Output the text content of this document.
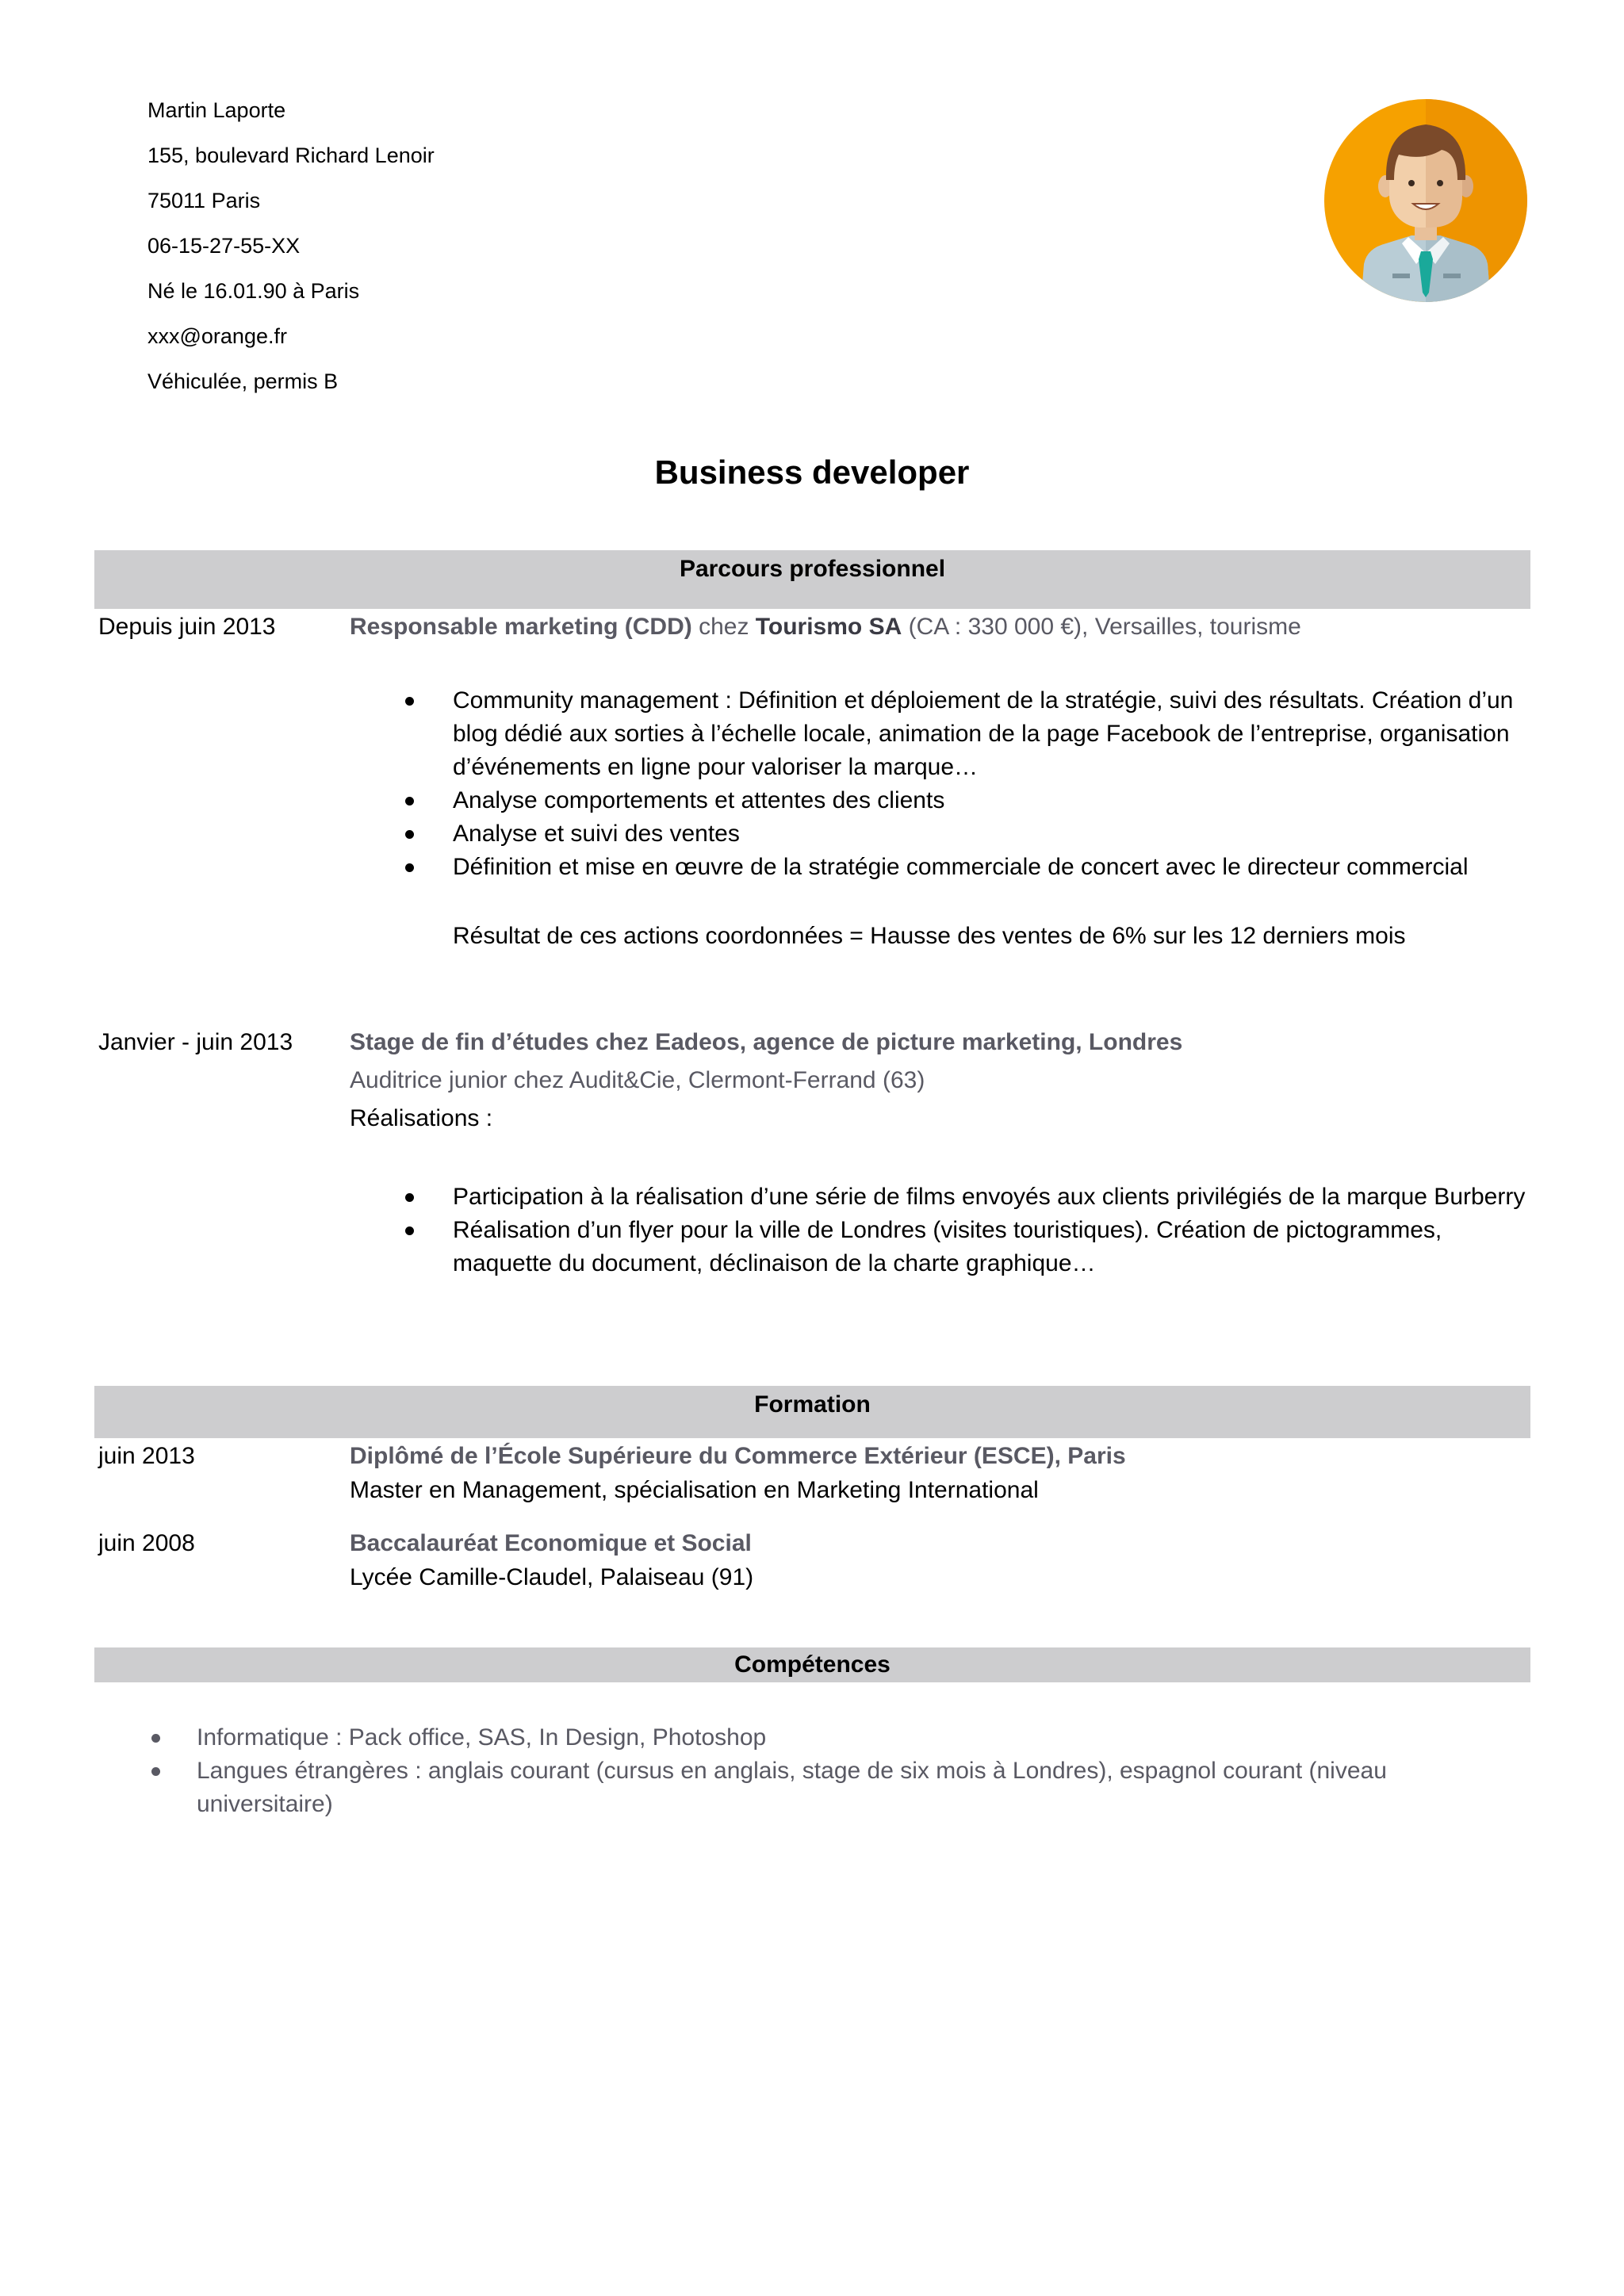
Martin Laporte
155, boulevard Richard Lenoir
75011 Paris
06-15-27-55-XX
Né le 16.01.90 à Paris
xxx@orange.fr
Véhiculée, permis B
Business developer
Parcours professionnel
Depuis juin 2013	Responsable marketing (CDD) chez Tourismo SA (CA : 330 000 €), Versailles, tourisme
Community management : Définition et déploiement de la stratégie, suivi des résultats. Création d’un blog dédié aux sorties à l’échelle locale, animation de la page Facebook de l’entreprise, organisation d’événements en ligne pour valoriser la marque…
Analyse comportements et attentes des clients
Analyse et suivi des ventes
Définition et mise en œuvre de la stratégie commerciale de concert avec le directeur commercial
Résultat de ces actions coordonnées = Hausse des ventes de 6% sur les 12 derniers mois
Janvier - juin 2013 Stage de fin d’études chez Eadeos, agence de picture marketing, Londres
Auditrice junior chez Audit&Cie, Clermont-Ferrand (63)
Réalisations :
Participation à la réalisation d’une série de films envoyés aux clients privilégiés de la marque Burberry
Réalisation d’un flyer pour la ville de Londres (visites touristiques). Création de pictogrammes, maquette du document, déclinaison de la charte graphique…
Formation
juin 2013	Diplômé de l’École Supérieure du Commerce Extérieur (ESCE), Paris
Master en Management, spécialisation en Marketing International
juin 2008	Baccalauréat Economique et Social
Lycée Camille-Claudel, Palaiseau (91)
Compétences
Informatique : Pack office, SAS, In Design, Photoshop
Langues étrangères : anglais courant (cursus en anglais, stage de six mois à Londres), espagnol courant (niveau universitaire)
